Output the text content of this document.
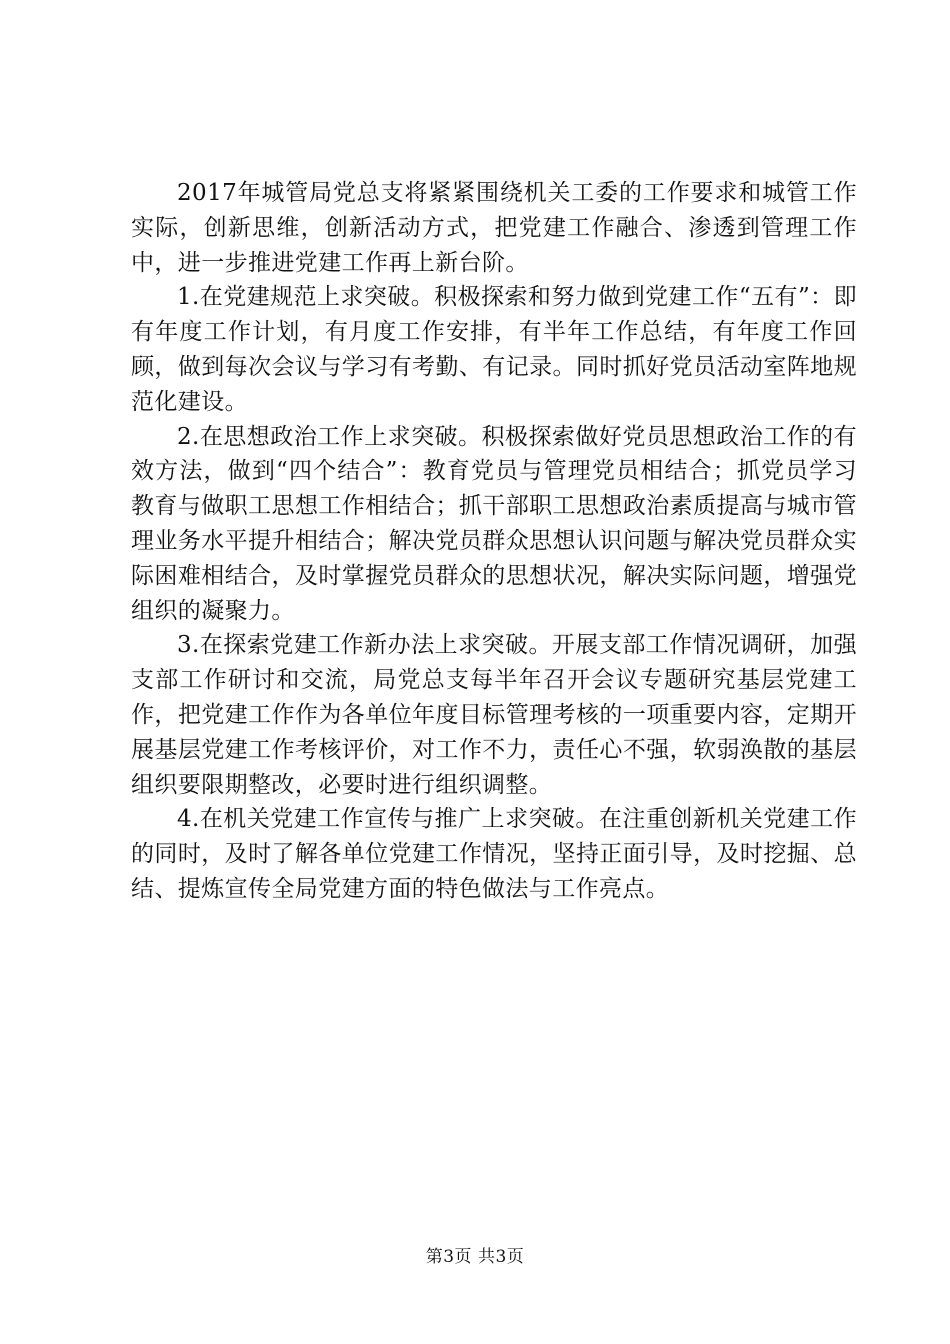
2017年城管局党总支将紧紧围绕机关工委的工作要求和城管工作实际，创新思维，创新活动方式，把党建工作融合、渗透到管理工作中，进一步推进党建工作再上新台阶。

1.在党建规范上求突破。积极探索和努力做到党建工作“五有”：即有年度工作计划，有月度工作安排，有半年工作总结，有年度工作回顾，做到每次会议与学习有考勤、有记录。同时抓好党员活动室阵地规范化建设。

2.在思想政治工作上求突破。积极探索做好党员思想政治工作的有效方法，做到“四个结合”：教育党员与管理党员相结合；抓党员学习教育与做职工思想工作相结合；抓干部职工思想政治素质提高与城市管理业务水平提升相结合；解决党员群众思想认识问题与解决党员群众实际困难相结合，及时掌握党员群众的思想状况，解决实际问题，增强党组织的凝聚力。

3.在探索党建工作新办法上求突破。开展支部工作情况调研，加强支部工作研讨和交流，局党总支每半年召开会议专题研究基层党建工作，把党建工作作为各单位年度目标管理考核的一项重要内容，定期开展基层党建工作考核评价，对工作不力，责任心不强，软弱涣散的基层组织要限期整改，必要时进行组织调整。

4.在机关党建工作宣传与推广上求突破。在注重创新机关党建工作的同时，及时了解各单位党建工作情况，坚持正面引导，及时挖掘、总结、提炼宣传全局党建方面的特色做法与工作亮点。

第3页 共3页
